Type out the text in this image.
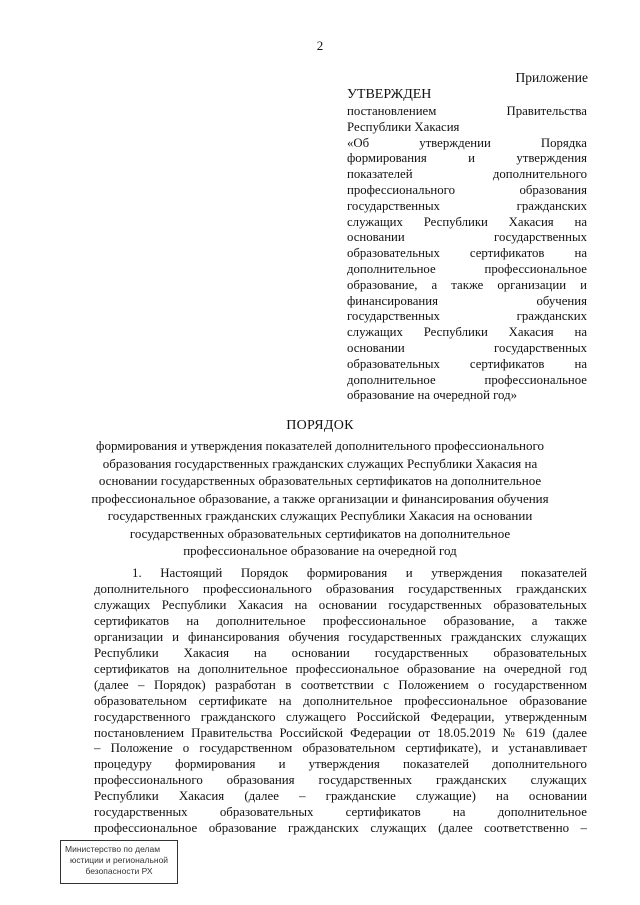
2
Приложение
УТВЕРЖДЕН
постановлением Правительства
Республики Хакасия
«Об утверждении Порядка
формирования и утверждения
показателей дополнительного
профессионального образования
государственных гражданских
служащих Республики Хакасия на
основании государственных
образовательных сертификатов на
дополнительное профессиональное
образование, а также организации и
финансирования обучения
государственных гражданских
служащих Республики Хакасия на
основании государственных
образовательных сертификатов на
дополнительное профессиональное
образование на очередной год»
ПОРЯДОК
формирования и утверждения показателей дополнительного профессионального
образования государственных гражданских служащих Республики Хакасия на
основании государственных образовательных сертификатов на дополнительное
профессиональное образование, а также организации и финансирования обучения
государственных гражданских служащих Республики Хакасия на основании
государственных образовательных сертификатов на дополнительное
профессиональное образование на очередной год
1. Настоящий Порядок формирования и утверждения показателей
дополнительного профессионального образования государственных гражданских
служащих Республики Хакасия на основании государственных образовательных
сертификатов на дополнительное профессиональное образование, а также
организации и финансирования обучения государственных гражданских служащих
Республики Хакасия на основании государственных образовательных
сертификатов на дополнительное профессиональное образование на очередной год
(далее – Порядок) разработан в соответствии с Положением о государственном
образовательном сертификате на дополнительное профессиональное образование
государственного гражданского служащего Российской Федерации, утвержденным
постановлением Правительства Российской Федерации от 18.05.2019 № 619 (далее
– Положение о государственном образовательном сертификате), и устанавливает
процедуру формирования и утверждения показателей дополнительного
профессионального образования государственных гражданских служащих
Республики Хакасия (далее – гражданские служащие) на основании
государственных образовательных сертификатов на дополнительное
профессиональное образование гражданских служащих (далее соответственно –
Министерство по делам
юстиции и региональной
безопасности РХ
